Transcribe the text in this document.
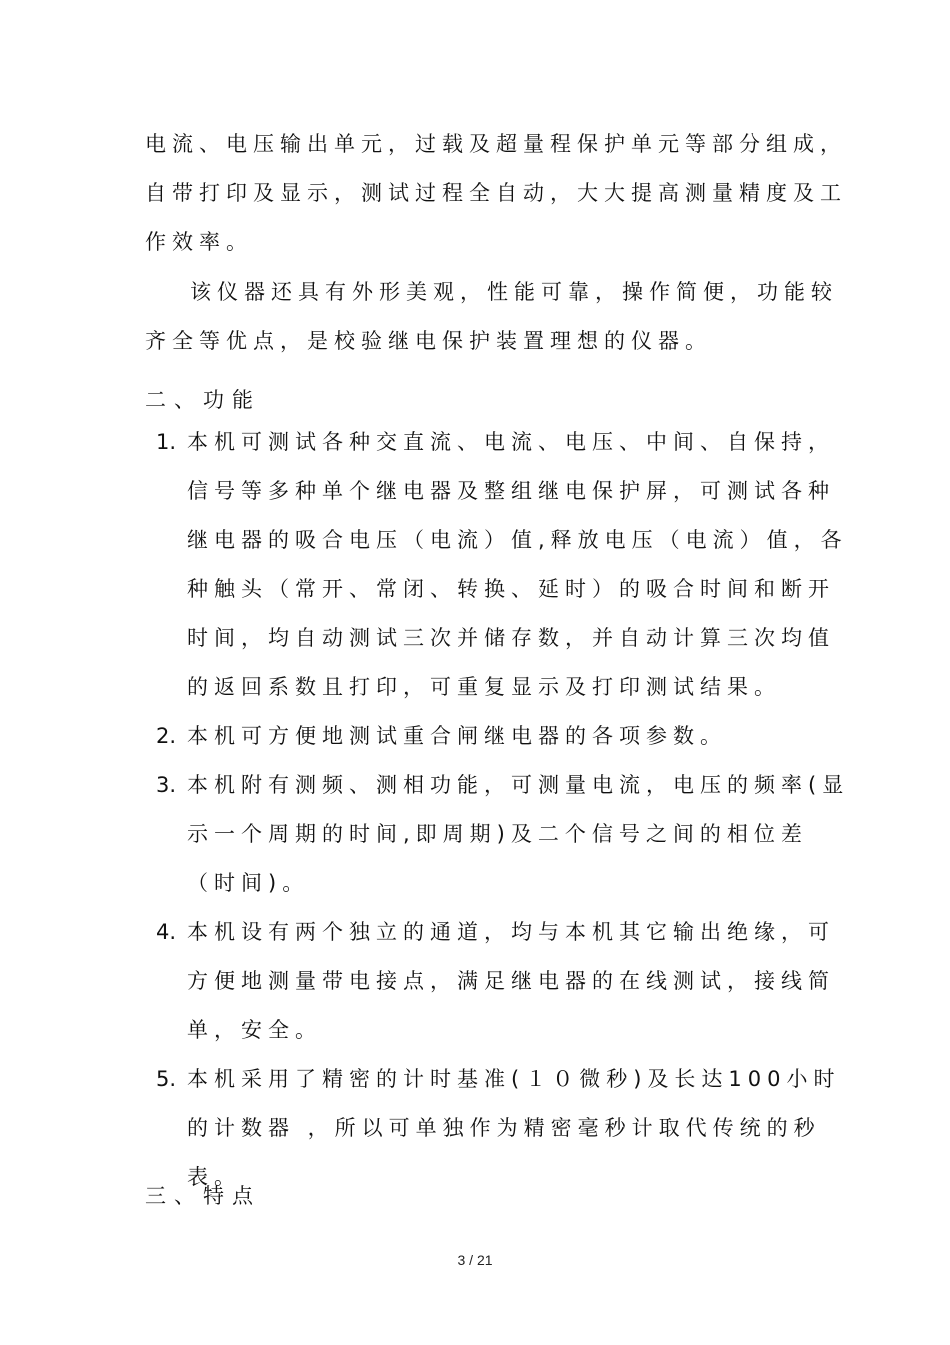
电流、电压输出单元，过载及超量程保护单元等部分组成，自带打印及显示，测试过程全自动，大大提高测量精度及工作效率。
该仪器还具有外形美观，性能可靠，操作简便，功能较齐全等优点，是校验继电保护装置理想的仪器。
二、功能
1. 本机可测试各种交直流、电流、电压、中间、自保持，信号等多种单个继电器及整组继电保护屏，可测试各种继电器的吸合电压（电流）值,释放电压（电流）值，各种触头（常开、常闭、转换、延时）的吸合时间和断开时间，均自动测试三次并储存数，并自动计算三次均值的返回系数且打印，可重复显示及打印测试结果。
2. 本机可方便地测试重合闸继电器的各项参数。
3. 本机附有测频、测相功能，可测量电流，电压的频率(显示一个周期的时间,即周期)及二个信号之间的相位差（时间)。
4. 本机设有两个独立的通道，均与本机其它输出绝缘，可方便地测量带电接点，满足继电器的在线测试，接线简单，安全。
5. 本机采用了精密的计时基准(１０微秒)及长达100小时的计数器 ，所以可单独作为精密毫秒计取代传统的秒表。
三、特点
3 / 21
